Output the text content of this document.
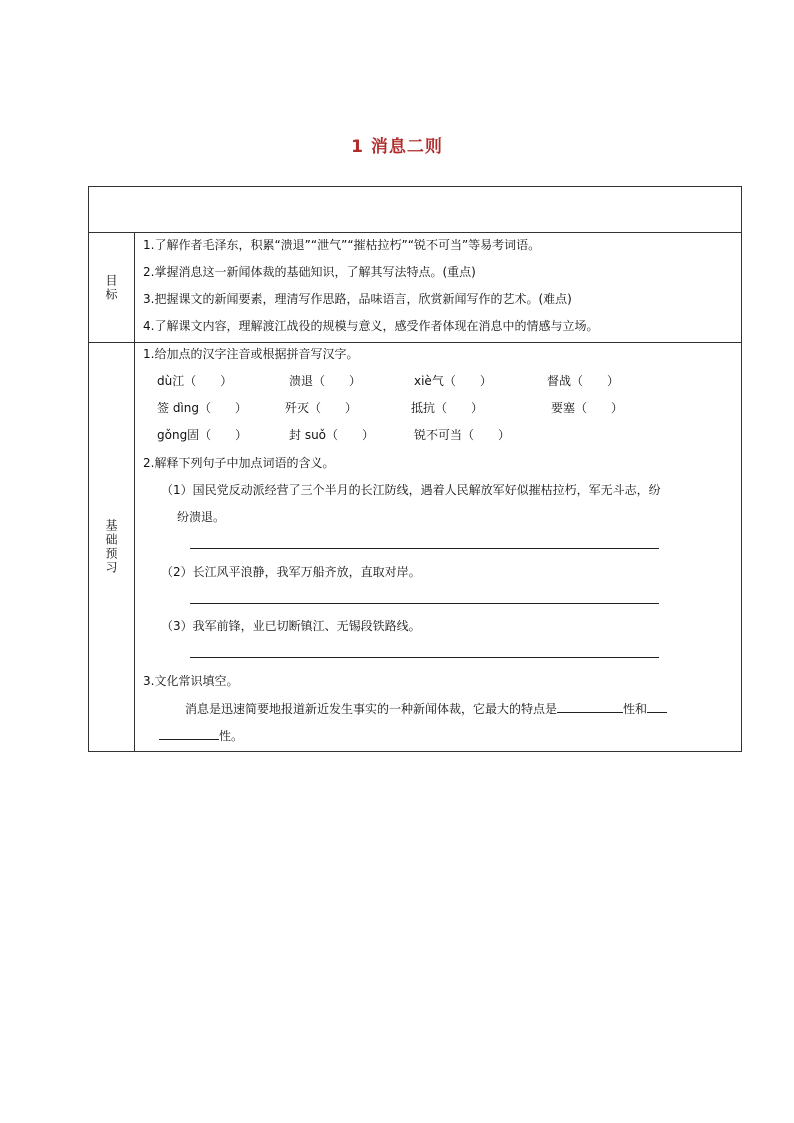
1 消息二则
目标
1.了解作者毛泽东，积累“溃退”“泄气”“摧枯拉朽”“锐不可当”等易考词语。
2.掌握消息这一新闻体裁的基础知识，了解其写法特点。(重点)
3.把握课文的新闻要素，理清写作思路，品味语言，欣赏新闻写作的艺术。(难点)
4.了解课文内容，理解渡江战役的规模与意义，感受作者体现在消息中的情感与立场。
基础预习
1.给加点的汉字注音或根据拼音写汉字。
dù江（　　）	溃退（　　）	xiè气（　　）	督战（　　）
签 dìng（　　）	歼灭（　　）	抵抗（　　）	要塞（　　）
gǒng固（　　）	封 suǒ（　　）	锐不可当（　　）
2.解释下列句子中加点词语的含义。
（1）国民党反动派经营了三个半月的长江防线，遇着人民解放军好似摧枯拉朽，军无斗志，纷
纷溃退。
（2）长江风平浪静，我军万船齐放，直取对岸。
（3）我军前锋，业已切断镇江、无锡段铁路线。
3.文化常识填空。
消息是迅速简要地报道新近发生事实的一种新闻体裁，它最大的特点是	性和
性。
